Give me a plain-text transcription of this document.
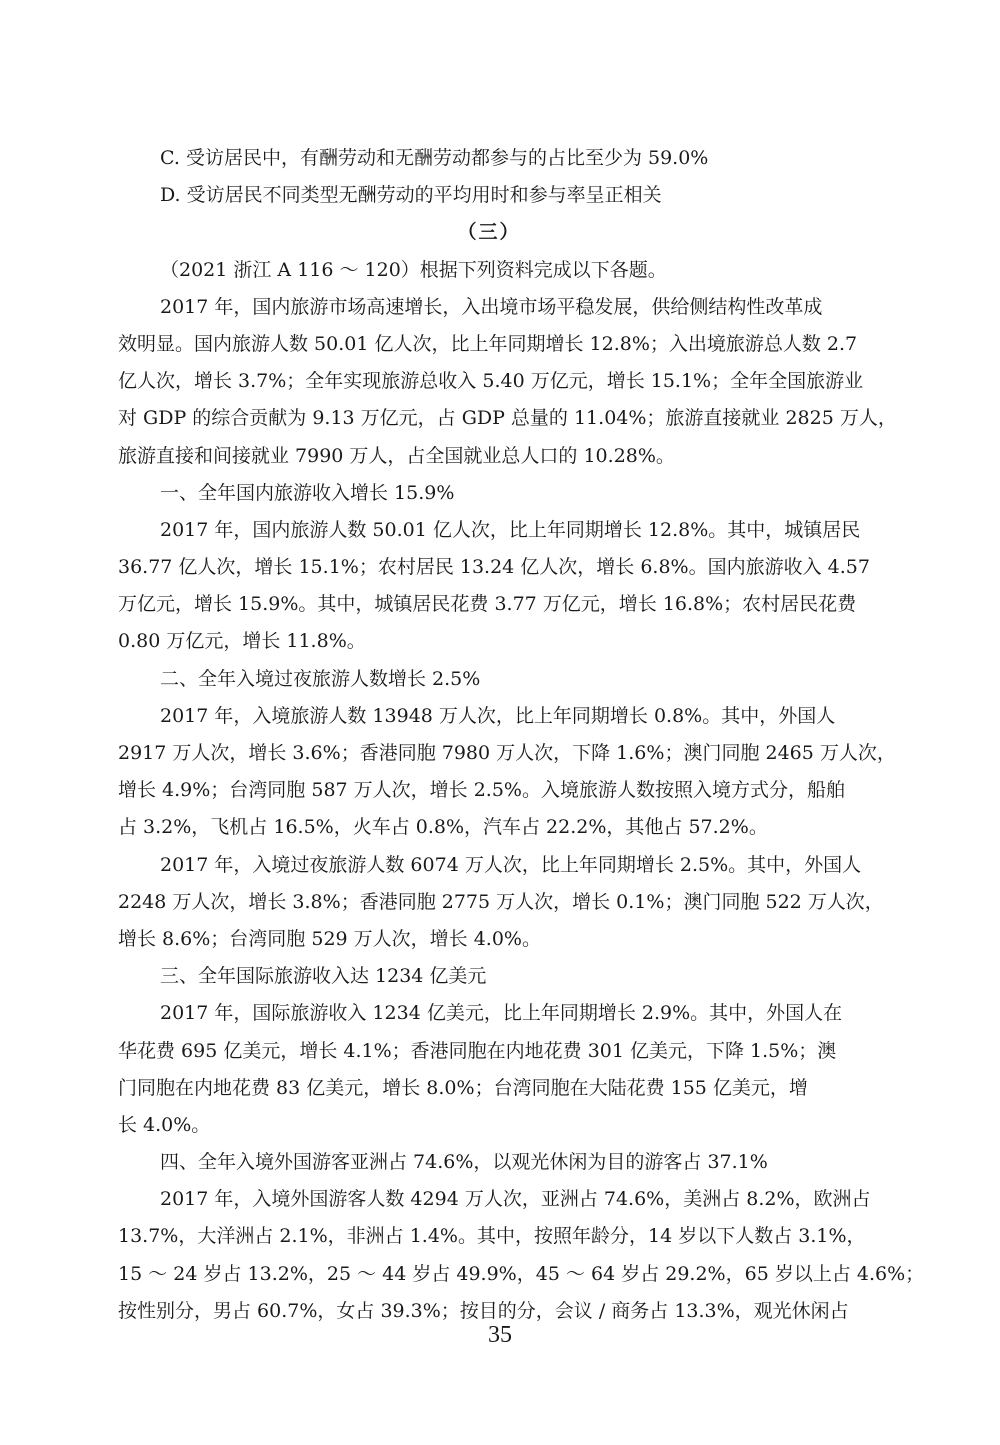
C. 受访居民中，有酬劳动和无酬劳动都参与的占比至少为 59.0%

D. 受访居民不同类型无酬劳动的平均用时和参与率呈正相关

（三）

（2021 浙江 A 116 ～ 120）根据下列资料完成以下各题。

2017 年，国内旅游市场高速增长，入出境市场平稳发展，供给侧结构性改革成

效明显。国内旅游人数 50.01 亿人次，比上年同期增长 12.8%；入出境旅游总人数 2.7

亿人次，增长 3.7%；全年实现旅游总收入 5.40 万亿元，增长 15.1%；全年全国旅游业

对 GDP 的综合贡献为 9.13 万亿元，占 GDP 总量的 11.04%；旅游直接就业 2825 万人，

旅游直接和间接就业 7990 万人，占全国就业总人口的 10.28%。

一、全年国内旅游收入增长 15.9%

2017 年，国内旅游人数 50.01 亿人次，比上年同期增长 12.8%。其中，城镇居民

36.77 亿人次，增长 15.1%；农村居民 13.24 亿人次，增长 6.8%。国内旅游收入 4.57

万亿元，增长 15.9%。其中，城镇居民花费 3.77 万亿元，增长 16.8%；农村居民花费

0.80 万亿元，增长 11.8%。

二、全年入境过夜旅游人数增长 2.5%

2017 年，入境旅游人数 13948 万人次，比上年同期增长 0.8%。其中，外国人

2917 万人次，增长 3.6%；香港同胞 7980 万人次，下降 1.6%；澳门同胞 2465 万人次，

增长 4.9%；台湾同胞 587 万人次，增长 2.5%。入境旅游人数按照入境方式分，船舶

占 3.2%，飞机占 16.5%，火车占 0.8%，汽车占 22.2%，其他占 57.2%。

2017 年，入境过夜旅游人数 6074 万人次，比上年同期增长 2.5%。其中，外国人

2248 万人次，增长 3.8%；香港同胞 2775 万人次，增长 0.1%；澳门同胞 522 万人次，

增长 8.6%；台湾同胞 529 万人次，增长 4.0%。

三、全年国际旅游收入达 1234 亿美元

2017 年，国际旅游收入 1234 亿美元，比上年同期增长 2.9%。其中，外国人在

华花费 695 亿美元，增长 4.1%；香港同胞在内地花费 301 亿美元，下降 1.5%；澳

门同胞在内地花费 83 亿美元，增长 8.0%；台湾同胞在大陆花费 155 亿美元，增

长 4.0%。

四、全年入境外国游客亚洲占 74.6%，以观光休闲为目的游客占 37.1%

2017 年，入境外国游客人数 4294 万人次，亚洲占 74.6%，美洲占 8.2%，欧洲占

13.7%，大洋洲占 2.1%，非洲占 1.4%。其中，按照年龄分，14 岁以下人数占 3.1%，

15 ～ 24 岁占 13.2%，25 ～ 44 岁占 49.9%，45 ～ 64 岁占 29.2%，65 岁以上占 4.6%；

按性别分，男占 60.7%，女占 39.3%；按目的分，会议 / 商务占 13.3%，观光休闲占

35
